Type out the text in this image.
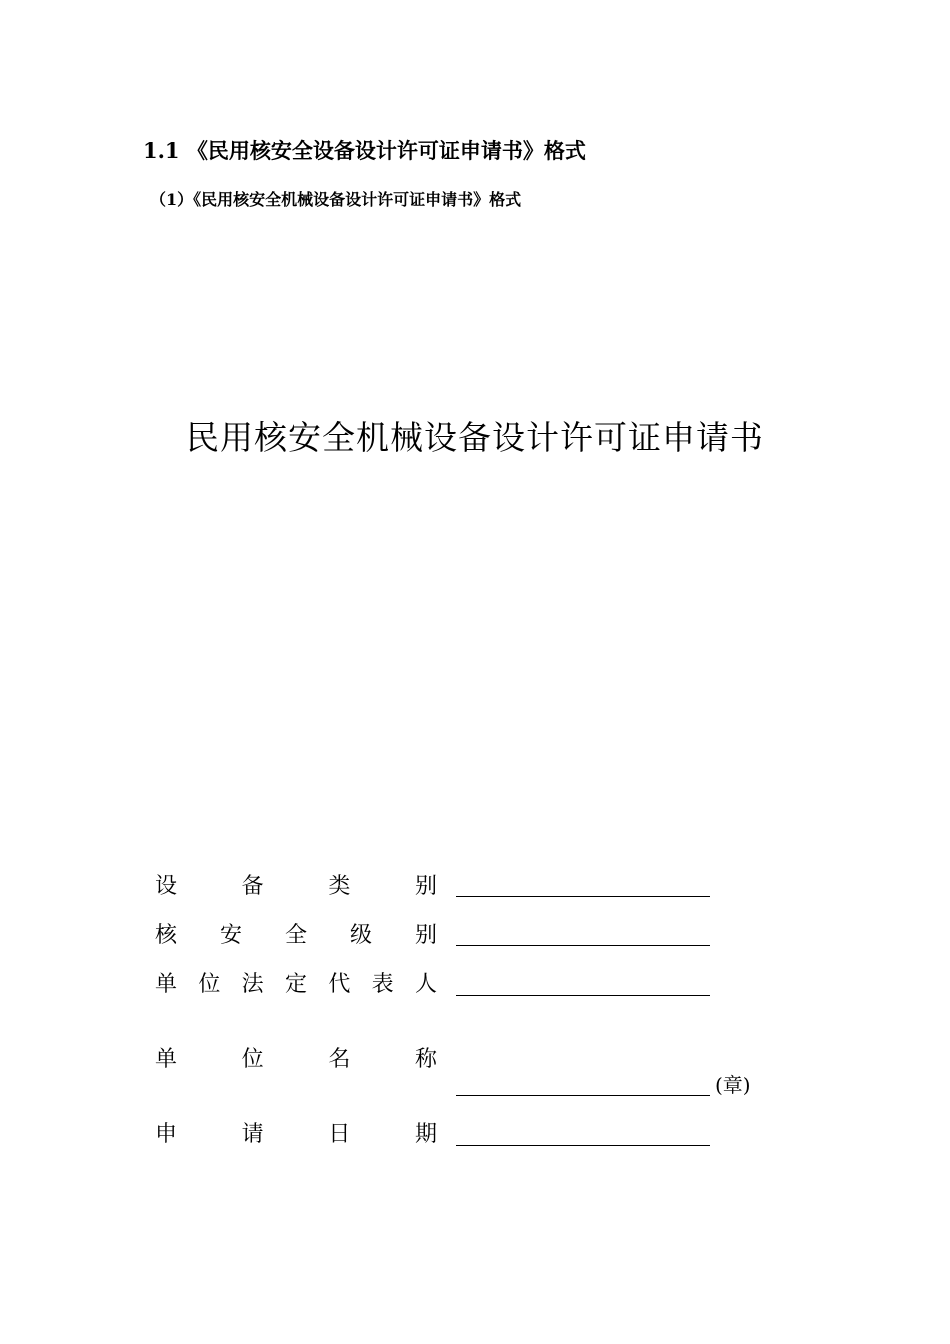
1.1 《民用核安全设备设计许可证申请书》格式
（1）《民用核安全机械设备设计许可证申请书》格式
民用核安全机械设备设计许可证申请书
设	备	类	别
核 安 全 级 别
单 位 法 定 代 表 人
单	位	名	称
(章)
申	请	日	期
